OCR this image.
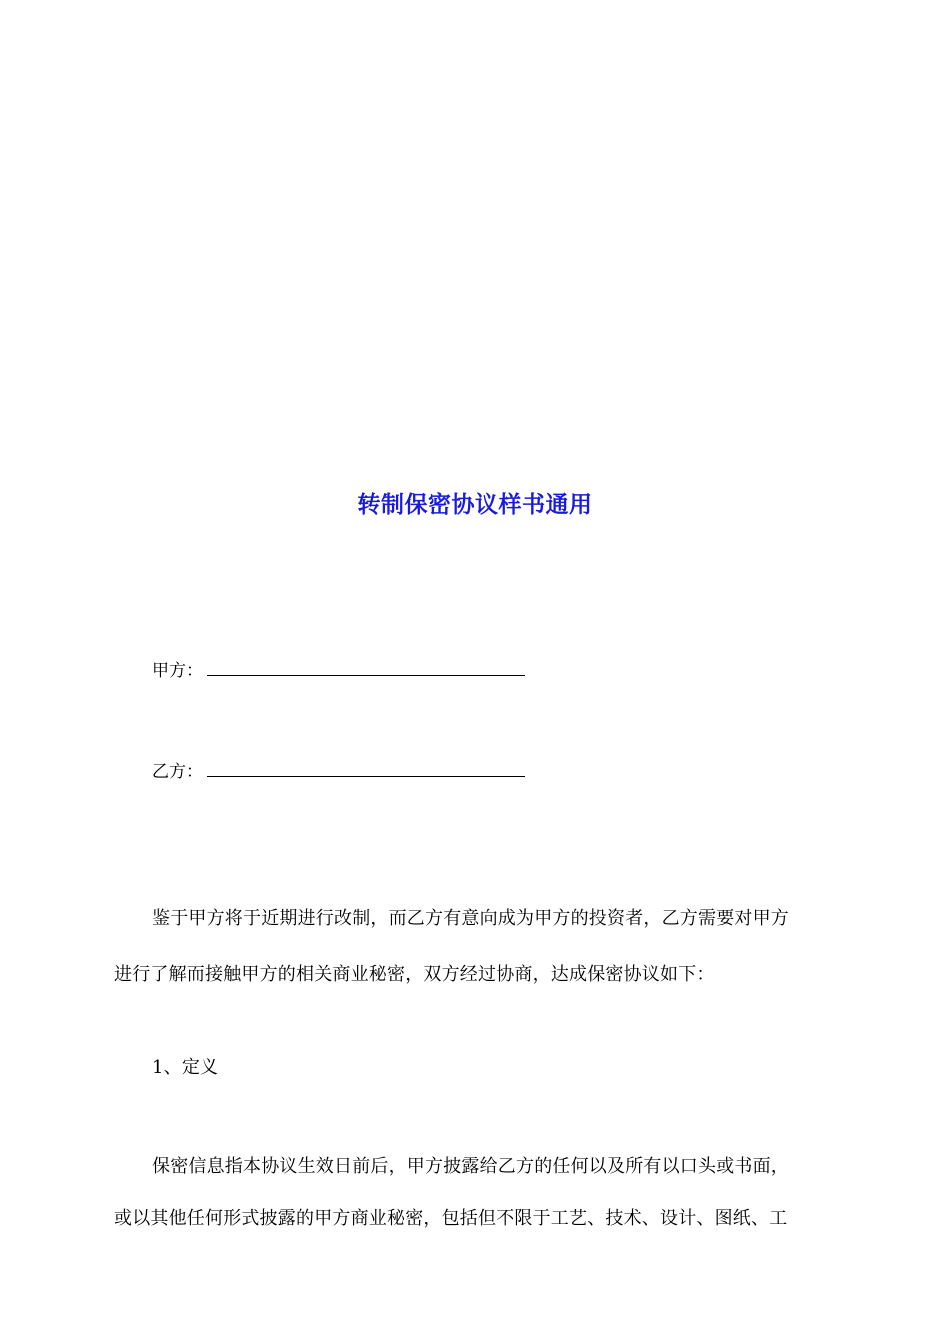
转制保密协议样书通用
甲方：
乙方：
鉴于甲方将于近期进行改制，而乙方有意向成为甲方的投资者，乙方需要对甲方
进行了解而接触甲方的相关商业秘密，双方经过协商，达成保密协议如下：
1、定义
保密信息指本协议生效日前后，甲方披露给乙方的任何以及所有以口头或书面，
或以其他任何形式披露的甲方商业秘密，包括但不限于工艺、技术、设计、图纸、工
